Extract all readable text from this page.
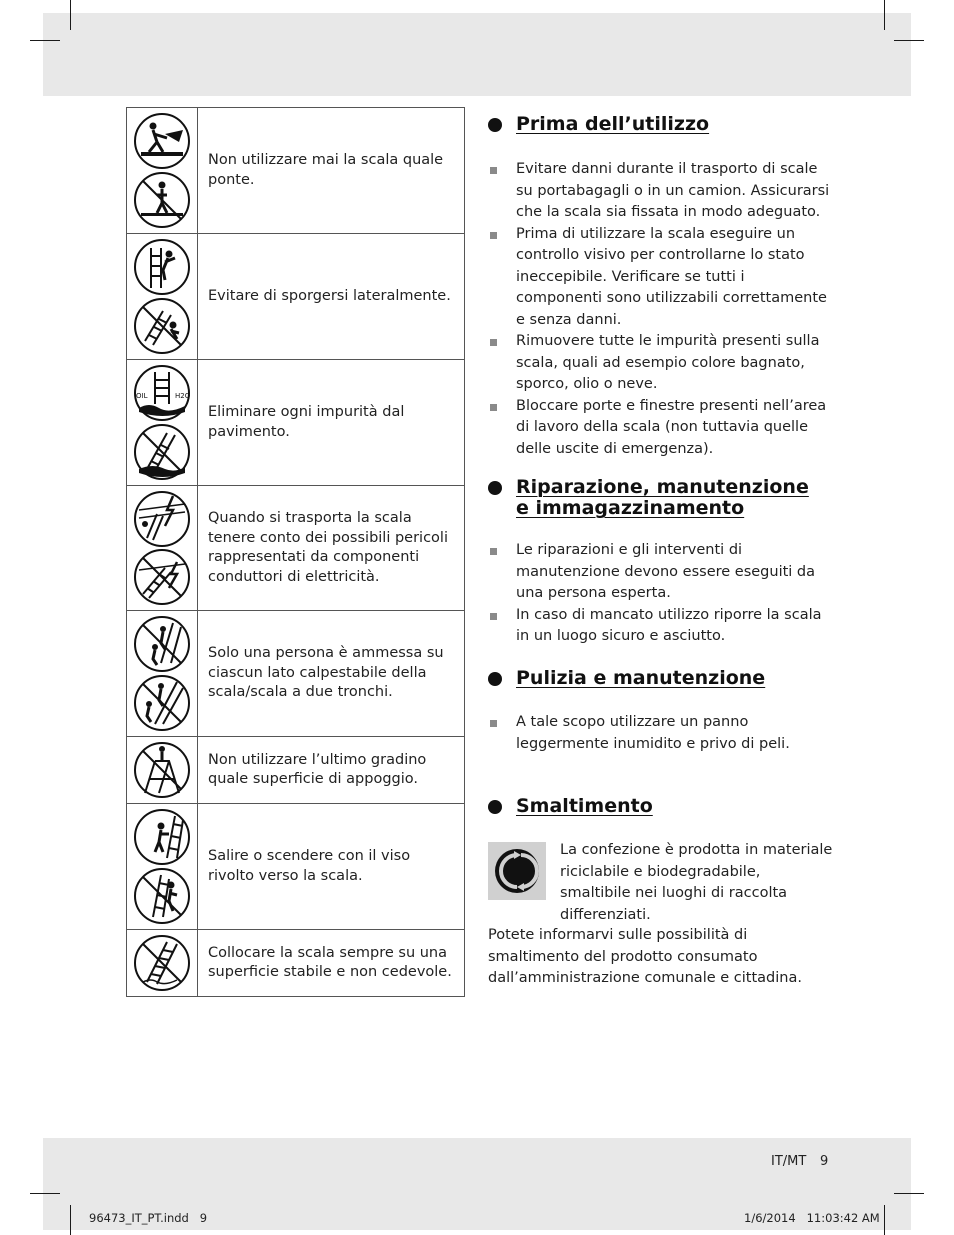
Non utilizzare mai la scala quale ponte.
Evitare di sporgersi lateralmente.
OIL	H2O
Eliminare ogni impurità dal pavimento.
Quando si trasporta la scala tenere conto dei possibili pericoli rappresentati da componenti conduttori di elettricità.
Solo una persona è ammessa su ciascun lato calpestabile della scala/scala a due tronchi.
Non utilizzare l’ultimo gradino quale superficie di appoggio.
Salire o scendere con il viso rivolto verso la scala.
Collocare la scala sempre su una superficie stabile e non cedevole.
Prima dell’utilizzo
Evitare danni durante il trasporto di scale su portabagagli o in un camion. Assicurarsi che la scala sia fissata in modo adeguato.
Prima di utilizzare la scala eseguire un controllo visivo per controllarne lo stato ineccepibile. Verificare se tutti i componenti sono utilizzabili correttamente e senza danni.
Rimuovere tutte le impurità presenti sulla scala, quali ad esempio colore bagnato, sporco, olio o neve.
Bloccare porte e finestre presenti nell’area di lavoro della scala (non tuttavia quelle delle uscite di emergenza).
Riparazione, manutenzione
e immagazzinamento
Le riparazioni e gli interventi di manutenzione devono essere eseguiti da una persona esperta.
In caso di mancato utilizzo riporre la scala in un luogo sicuro e asciutto.
Pulizia e manutenzione
A tale scopo utilizzare un panno leggermente inumidito e privo di peli.
Smaltimento
La confezione è prodotta in materiale riciclabile e biodegradabile, smaltibile nei luoghi di raccolta differenziati.
Potete informarvi sulle possibilità di smaltimento del prodotto consumato dall’amministrazione comunale e cittadina.
IT/MT 9
96473_IT_PT.indd   9	1/6/2014   11:03:42 AM
